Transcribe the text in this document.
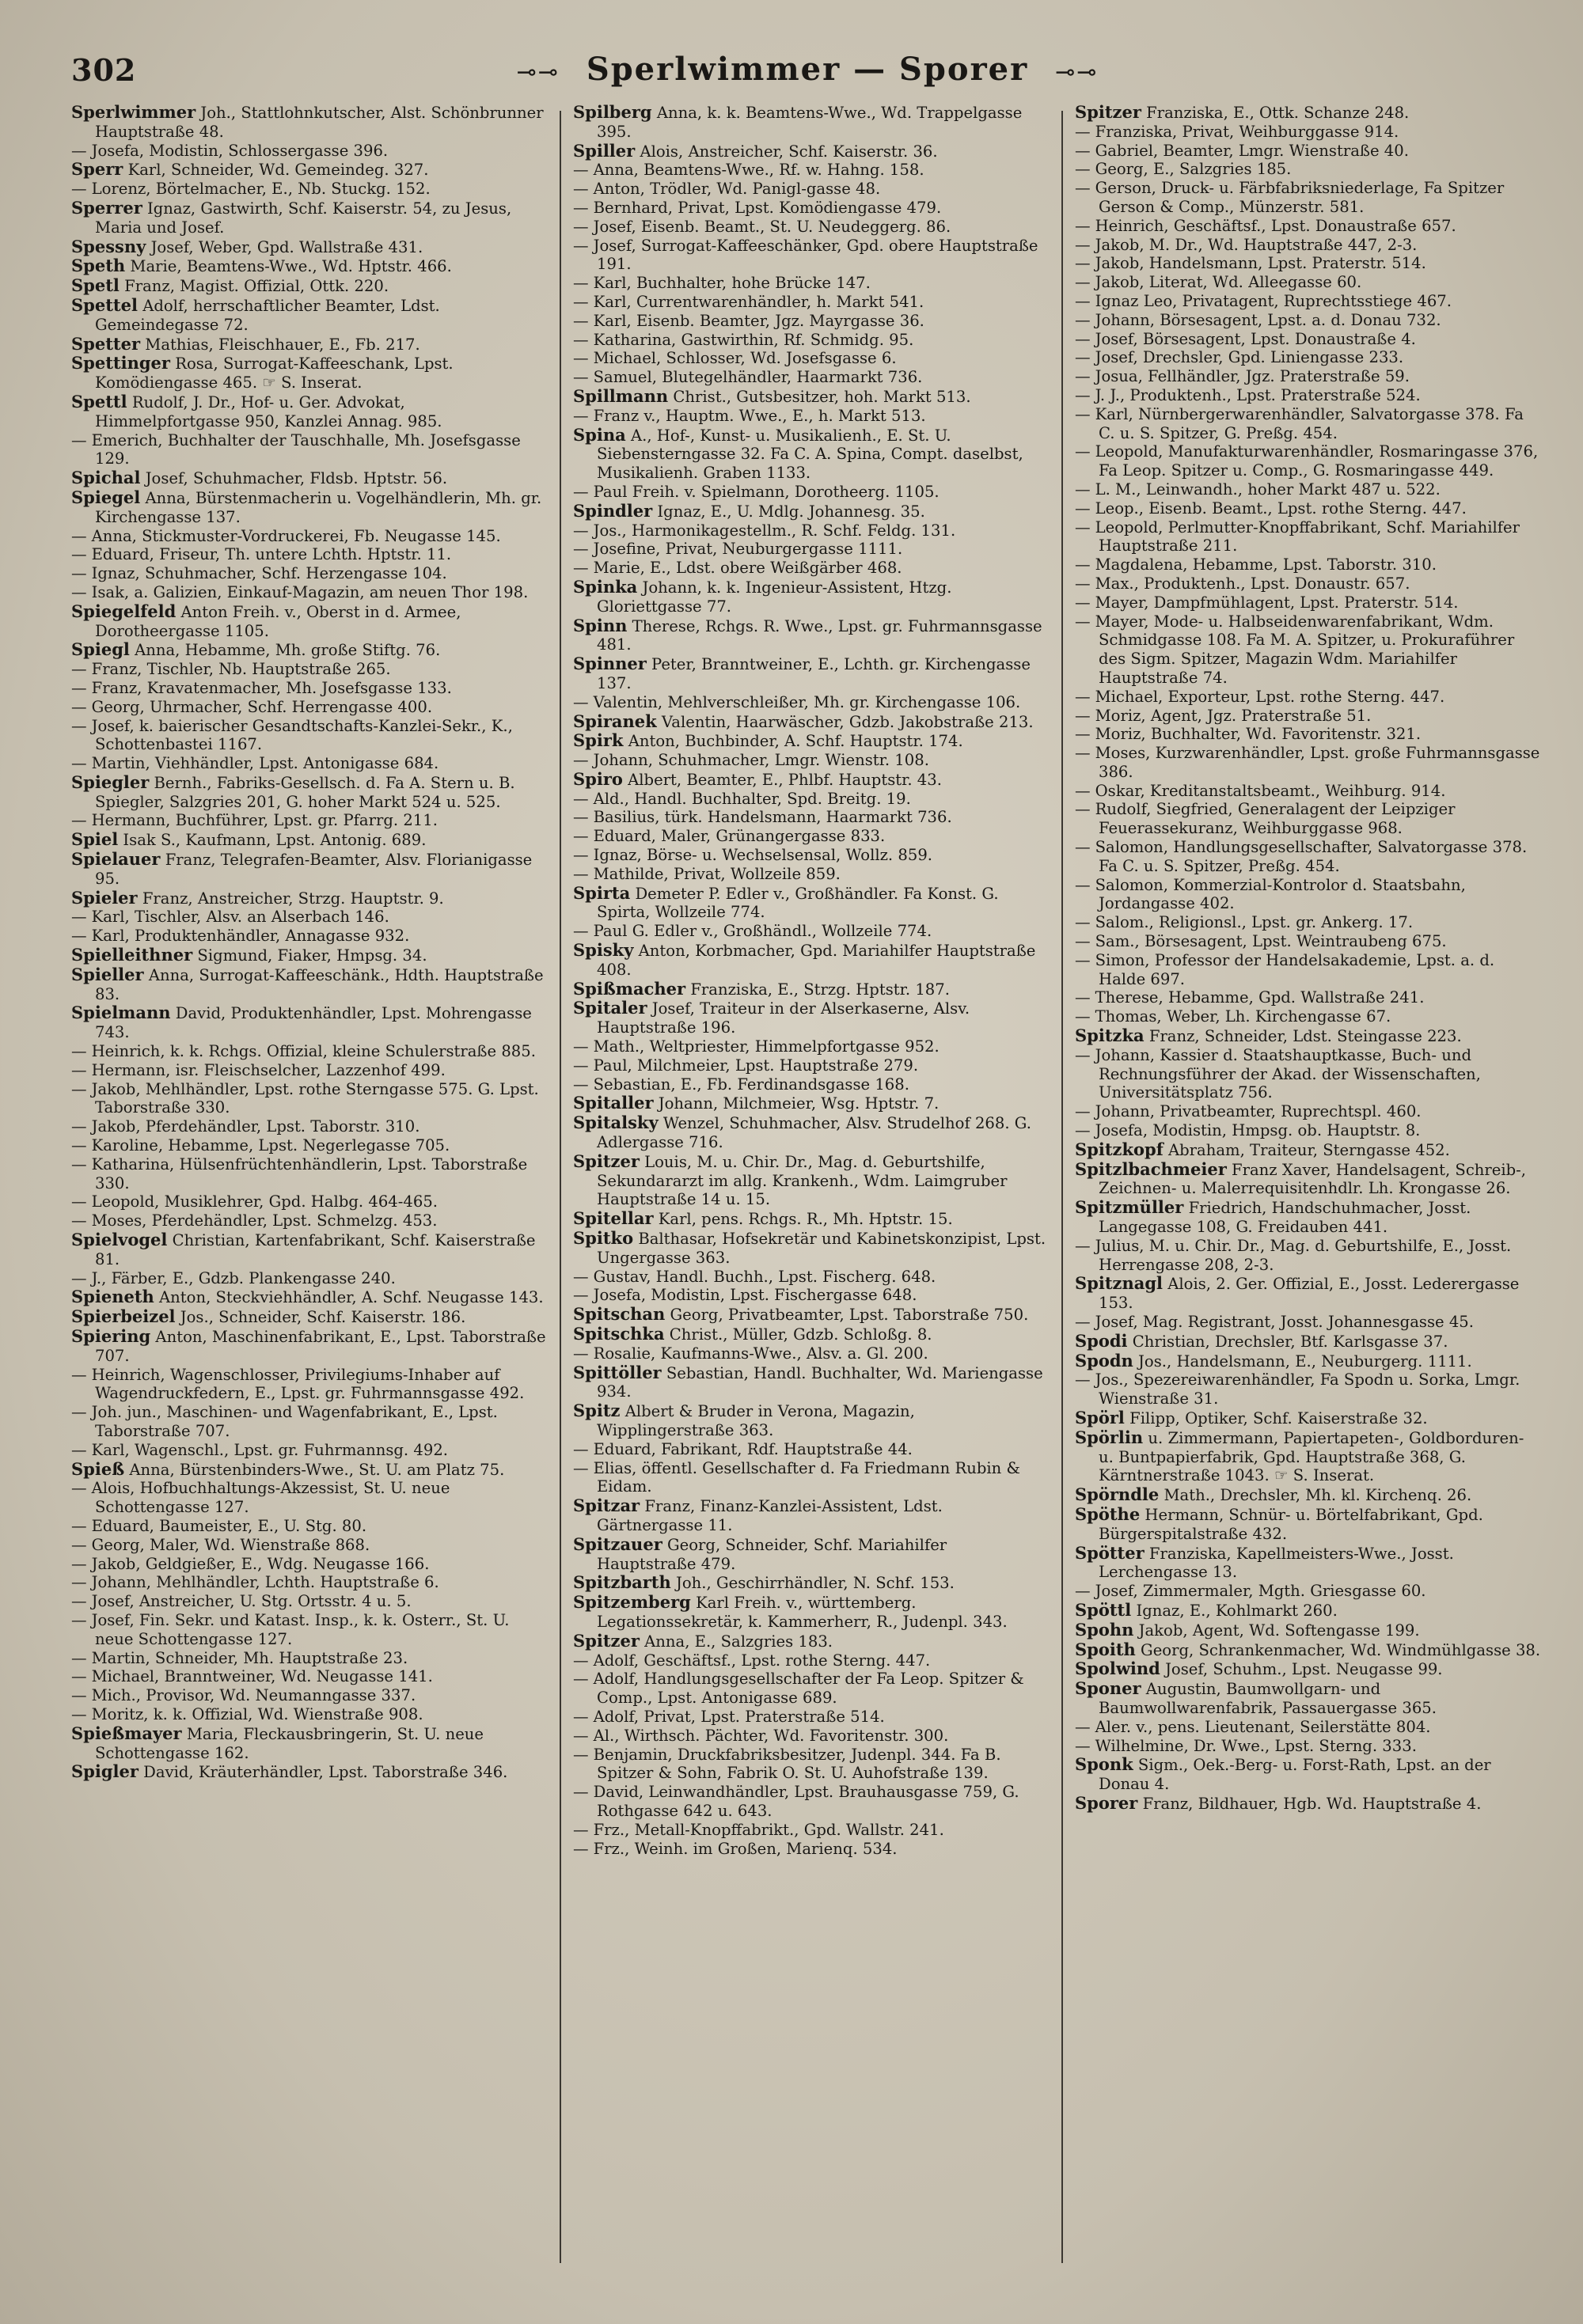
302	⊸⊸ Sperlwimmer — Sporer ⊸⊸
Sperlwimmer Joh., Stattlohnkutscher, Alst. Schönbrunner Hauptstraße 48.
— Josefa, Modistin, Schlossergasse 396.
Sperr Karl, Schneider, Wd. Gemeindeg. 327.
— Lorenz, Börtelmacher, E., Nb. Stuckg. 152.
Sperrer Ignaz, Gastwirth, Schf. Kaiserstr. 54, zu Jesus, Maria und Josef.
Spessny Josef, Weber, Gpd. Wallstraße 431.
Speth Marie, Beamtens-Wwe., Wd. Hptstr. 466.
Spetl Franz, Magist. Offizial, Ottk. 220.
Spettel Adolf, herrschaftlicher Beamter, Ldst. Gemeindegasse 72.
Spetter Mathias, Fleischhauer, E., Fb. 217.
Spettinger Rosa, Surrogat-Kaffeeschank, Lpst. Komödiengasse 465. ☞ S. Inserat.
Spettl Rudolf, J. Dr., Hof- u. Ger. Advokat, Himmelpfortgasse 950, Kanzlei Annag. 985.
— Emerich, Buchhalter der Tauschhalle, Mh. Josefsgasse 129.
Spichal Josef, Schuhmacher, Fldsb. Hptstr. 56.
Spiegel Anna, Bürstenmacherin u. Vogelhändlerin, Mh. gr. Kirchengasse 137.
— Anna, Stickmuster-Vordruckerei, Fb. Neugasse 145.
— Eduard, Friseur, Th. untere Lchth. Hptstr. 11.
— Ignaz, Schuhmacher, Schf. Herzengasse 104.
— Isak, a. Galizien, Einkauf-Magazin, am neuen Thor 198.
Spiegelfeld Anton Freih. v., Oberst in d. Armee, Dorotheergasse 1105.
Spiegl Anna, Hebamme, Mh. große Stiftg. 76.
— Franz, Tischler, Nb. Hauptstraße 265.
— Franz, Kravatenmacher, Mh. Josefsgasse 133.
— Georg, Uhrmacher, Schf. Herrengasse 400.
— Josef, k. baierischer Gesandtschafts-Kanzlei-Sekr., K., Schottenbastei 1167.
— Martin, Viehhändler, Lpst. Antonigasse 684.
Spiegler Bernh., Fabriks-Gesellsch. d. Fa A. Stern u. B. Spiegler, Salzgries 201, G. hoher Markt 524 u. 525.
— Hermann, Buchführer, Lpst. gr. Pfarrg. 211.
Spiel Isak S., Kaufmann, Lpst. Antonig. 689.
Spielauer Franz, Telegrafen-Beamter, Alsv. Florianigasse 95.
Spieler Franz, Anstreicher, Strzg. Hauptstr. 9.
— Karl, Tischler, Alsv. an Alserbach 146.
— Karl, Produktenhändler, Annagasse 932.
Spielleithner Sigmund, Fiaker, Hmpsg. 34.
Spieller Anna, Surrogat-Kaffeeschänk., Hdth. Hauptstraße 83.
Spielmann David, Produktenhändler, Lpst. Mohrengasse 743.
— Heinrich, k. k. Rchgs. Offizial, kleine Schulerstraße 885.
— Hermann, isr. Fleischselcher, Lazzenhof 499.
— Jakob, Mehlhändler, Lpst. rothe Sterngasse 575. G. Lpst. Taborstraße 330.
— Jakob, Pferdehändler, Lpst. Taborstr. 310.
— Karoline, Hebamme, Lpst. Negerlegasse 705.
— Katharina, Hülsenfrüchtenhändlerin, Lpst. Taborstraße 330.
— Leopold, Musiklehrer, Gpd. Halbg. 464-465.
— Moses, Pferdehändler, Lpst. Schmelzg. 453.
Spielvogel Christian, Kartenfabrikant, Schf. Kaiserstraße 81.
— J., Färber, E., Gdzb. Plankengasse 240.
Spieneth Anton, Steckviehhändler, A. Schf. Neugasse 143.
Spierbeizel Jos., Schneider, Schf. Kaiserstr. 186.
Spiering Anton, Maschinenfabrikant, E., Lpst. Taborstraße 707.
— Heinrich, Wagenschlosser, Privilegiums-Inhaber auf Wagendruckfedern, E., Lpst. gr. Fuhrmannsgasse 492.
— Joh. jun., Maschinen- und Wagenfabrikant, E., Lpst. Taborstraße 707.
— Karl, Wagenschl., Lpst. gr. Fuhrmannsg. 492.
Spieß Anna, Bürstenbinders-Wwe., St. U. am Platz 75.
— Alois, Hofbuchhaltungs-Akzessist, St. U. neue Schottengasse 127.
— Eduard, Baumeister, E., U. Stg. 80.
— Georg, Maler, Wd. Wienstraße 868.
— Jakob, Geldgießer, E., Wdg. Neugasse 166.
— Johann, Mehlhändler, Lchth. Hauptstraße 6.
— Josef, Anstreicher, U. Stg. Ortsstr. 4 u. 5.
— Josef, Fin. Sekr. und Katast. Insp., k. k. Osterr., St. U. neue Schottengasse 127.
— Martin, Schneider, Mh. Hauptstraße 23.
— Michael, Branntweiner, Wd. Neugasse 141.
— Mich., Provisor, Wd. Neumanngasse 337.
— Moritz, k. k. Offizial, Wd. Wienstraße 908.
Spießmayer Maria, Fleckausbringerin, St. U. neue Schottengasse 162.
Spigler David, Kräuterhändler, Lpst. Taborstraße 346.
Spilberg Anna, k. k. Beamtens-Wwe., Wd. Trappelgasse 395.
Spiller Alois, Anstreicher, Schf. Kaiserstr. 36.
— Anna, Beamtens-Wwe., Rf. w. Hahng. 158.
— Anton, Trödler, Wd. Panigl-gasse 48.
— Bernhard, Privat, Lpst. Komödiengasse 479.
— Josef, Eisenb. Beamt., St. U. Neudeggerg. 86.
— Josef, Surrogat-Kaffeeschänker, Gpd. obere Hauptstraße 191.
— Karl, Buchhalter, hohe Brücke 147.
— Karl, Currentwarenhändler, h. Markt 541.
— Karl, Eisenb. Beamter, Jgz. Mayrgasse 36.
— Katharina, Gastwirthin, Rf. Schmidg. 95.
— Michael, Schlosser, Wd. Josefsgasse 6.
— Samuel, Blutegelhändler, Haarmarkt 736.
Spillmann Christ., Gutsbesitzer, hoh. Markt 513.
— Franz v., Hauptm. Wwe., E., h. Markt 513.
Spina A., Hof-, Kunst- u. Musikalienh., E. St. U. Siebensterngasse 32. Fa C. A. Spina, Compt. daselbst, Musikalienh. Graben 1133.
— Paul Freih. v. Spielmann, Dorotheerg. 1105.
Spindler Ignaz, E., U. Mdlg. Johannesg. 35.
— Jos., Harmonikagestellm., R. Schf. Feldg. 131.
— Josefine, Privat, Neuburgergasse 1111.
— Marie, E., Ldst. obere Weißgärber 468.
Spinka Johann, k. k. Ingenieur-Assistent, Htzg. Gloriettgasse 77.
Spinn Therese, Rchgs. R. Wwe., Lpst. gr. Fuhrmannsgasse 481.
Spinner Peter, Branntweiner, E., Lchth. gr. Kirchengasse 137.
— Valentin, Mehlverschleißer, Mh. gr. Kirchengasse 106.
Spiranek Valentin, Haarwäscher, Gdzb. Jakobstraße 213.
Spirk Anton, Buchbinder, A. Schf. Hauptstr. 174.
— Johann, Schuhmacher, Lmgr. Wienstr. 108.
Spiro Albert, Beamter, E., Phlbf. Hauptstr. 43.
— Ald., Handl. Buchhalter, Spd. Breitg. 19.
— Basilius, türk. Handelsmann, Haarmarkt 736.
— Eduard, Maler, Grünangergasse 833.
— Ignaz, Börse- u. Wechselsensal, Wollz. 859.
— Mathilde, Privat, Wollzeile 859.
Spirta Demeter P. Edler v., Großhändler. Fa Konst. G. Spirta, Wollzeile 774.
— Paul G. Edler v., Großhändl., Wollzeile 774.
Spisky Anton, Korbmacher, Gpd. Mariahilfer Hauptstraße 408.
Spißmacher Franziska, E., Strzg. Hptstr. 187.
Spitaler Josef, Traiteur in der Alserkaserne, Alsv. Hauptstraße 196.
— Math., Weltpriester, Himmelpfortgasse 952.
— Paul, Milchmeier, Lpst. Hauptstraße 279.
— Sebastian, E., Fb. Ferdinandsgasse 168.
Spitaller Johann, Milchmeier, Wsg. Hptstr. 7.
Spitalsky Wenzel, Schuhmacher, Alsv. Strudelhof 268. G. Adlergasse 716.
Spitzer Louis, M. u. Chir. Dr., Mag. d. Geburtshilfe, Sekundararzt im allg. Krankenh., Wdm. Laimgruber Hauptstraße 14 u. 15.
Spitellar Karl, pens. Rchgs. R., Mh. Hptstr. 15.
Spitko Balthasar, Hofsekretär und Kabinetskonzipist, Lpst. Ungergasse 363.
— Gustav, Handl. Buchh., Lpst. Fischerg. 648.
— Josefa, Modistin, Lpst. Fischergasse 648.
Spitschan Georg, Privatbeamter, Lpst. Taborstraße 750.
Spitschka Christ., Müller, Gdzb. Schloßg. 8.
— Rosalie, Kaufmanns-Wwe., Alsv. a. Gl. 200.
Spittöller Sebastian, Handl. Buchhalter, Wd. Mariengasse 934.
Spitz Albert & Bruder in Verona, Magazin, Wipplingerstraße 363.
— Eduard, Fabrikant, Rdf. Hauptstraße 44.
— Elias, öffentl. Gesellschafter d. Fa Friedmann Rubin & Eidam.
Spitzar Franz, Finanz-Kanzlei-Assistent, Ldst. Gärtnergasse 11.
Spitzauer Georg, Schneider, Schf. Mariahilfer Hauptstraße 479.
Spitzbarth Joh., Geschirrhändler, N. Schf. 153.
Spitzemberg Karl Freih. v., württemberg. Legationssekretär, k. Kammerherr, R., Judenpl. 343.
Spitzer Anna, E., Salzgries 183.
— Adolf, Geschäftsf., Lpst. rothe Sterng. 447.
— Adolf, Handlungsgesellschafter der Fa Leop. Spitzer & Comp., Lpst. Antonigasse 689.
— Adolf, Privat, Lpst. Praterstraße 514.
— Al., Wirthsch. Pächter, Wd. Favoritenstr. 300.
— Benjamin, Druckfabriksbesitzer, Judenpl. 344. Fa B. Spitzer & Sohn, Fabrik O. St. U. Auhofstraße 139.
— David, Leinwandhändler, Lpst. Brauhausgasse 759, G. Rothgasse 642 u. 643.
— Frz., Metall-Knopffabrikt., Gpd. Wallstr. 241.
— Frz., Weinh. im Großen, Marienq. 534.
Spitzer Franziska, E., Ottk. Schanze 248.
— Franziska, Privat, Weihburggasse 914.
— Gabriel, Beamter, Lmgr. Wienstraße 40.
— Georg, E., Salzgries 185.
— Gerson, Druck- u. Färbfabriksniederlage, Fa Spitzer Gerson & Comp., Münzerstr. 581.
— Heinrich, Geschäftsf., Lpst. Donaustraße 657.
— Jakob, M. Dr., Wd. Hauptstraße 447, 2-3.
— Jakob, Handelsmann, Lpst. Praterstr. 514.
— Jakob, Literat, Wd. Alleegasse 60.
— Ignaz Leo, Privatagent, Ruprechtsstiege 467.
— Johann, Börsesagent, Lpst. a. d. Donau 732.
— Josef, Börsesagent, Lpst. Donaustraße 4.
— Josef, Drechsler, Gpd. Liniengasse 233.
— Josua, Fellhändler, Jgz. Praterstraße 59.
— J. J., Produktenh., Lpst. Praterstraße 524.
— Karl, Nürnbergerwarenhändler, Salvatorgasse 378. Fa C. u. S. Spitzer, G. Preßg. 454.
— Leopold, Manufakturwarenhändler, Rosmaringasse 376, Fa Leop. Spitzer u. Comp., G. Rosmaringasse 449.
— L. M., Leinwandh., hoher Markt 487 u. 522.
— Leop., Eisenb. Beamt., Lpst. rothe Sterng. 447.
— Leopold, Perlmutter-Knopffabrikant, Schf. Mariahilfer Hauptstraße 211.
— Magdalena, Hebamme, Lpst. Taborstr. 310.
— Max., Produktenh., Lpst. Donaustr. 657.
— Mayer, Dampfmühlagent, Lpst. Praterstr. 514.
— Mayer, Mode- u. Halbseidenwarenfabrikant, Wdm. Schmidgasse 108. Fa M. A. Spitzer, u. Prokuraführer des Sigm. Spitzer, Magazin Wdm. Mariahilfer Hauptstraße 74.
— Michael, Exporteur, Lpst. rothe Sterng. 447.
— Moriz, Agent, Jgz. Praterstraße 51.
— Moriz, Buchhalter, Wd. Favoritenstr. 321.
— Moses, Kurzwarenhändler, Lpst. große Fuhrmannsgasse 386.
— Oskar, Kreditanstaltsbeamt., Weihburg. 914.
— Rudolf, Siegfried, Generalagent der Leipziger Feuerassekuranz, Weihburggasse 968.
— Salomon, Handlungsgesellschafter, Salvatorgasse 378. Fa C. u. S. Spitzer, Preßg. 454.
— Salomon, Kommerzial-Kontrolor d. Staatsbahn, Jordangasse 402.
— Salom., Religionsl., Lpst. gr. Ankerg. 17.
— Sam., Börsesagent, Lpst. Weintraubeng 675.
— Simon, Professor der Handelsakademie, Lpst. a. d. Halde 697.
— Therese, Hebamme, Gpd. Wallstraße 241.
— Thomas, Weber, Lh. Kirchengasse 67.
Spitzka Franz, Schneider, Ldst. Steingasse 223.
— Johann, Kassier d. Staatshauptkasse, Buch- und Rechnungsführer der Akad. der Wissenschaften, Universitätsplatz 756.
— Johann, Privatbeamter, Ruprechtspl. 460.
— Josefa, Modistin, Hmpsg. ob. Hauptstr. 8.
Spitzkopf Abraham, Traiteur, Sterngasse 452.
Spitzlbachmeier Franz Xaver, Handelsagent, Schreib-, Zeichnen- u. Malerrequisitenhdlr. Lh. Krongasse 26.
Spitzmüller Friedrich, Handschuhmacher, Josst. Langegasse 108, G. Freidauben 441.
— Julius, M. u. Chir. Dr., Mag. d. Geburtshilfe, E., Josst. Herrengasse 208, 2-3.
Spitznagl Alois, 2. Ger. Offizial, E., Josst. Lederergasse 153.
— Josef, Mag. Registrant, Josst. Johannesgasse 45.
Spodi Christian, Drechsler, Btf. Karlsgasse 37.
Spodn Jos., Handelsmann, E., Neuburgerg. 1111.
— Jos., Spezereiwarenhändler, Fa Spodn u. Sorka, Lmgr. Wienstraße 31.
Spörl Filipp, Optiker, Schf. Kaiserstraße 32.
Spörlin u. Zimmermann, Papiertapeten-, Goldborduren- u. Buntpapierfabrik, Gpd. Hauptstraße 368, G. Kärntnerstraße 1043. ☞ S. Inserat.
Spörndle Math., Drechsler, Mh. kl. Kirchenq. 26.
Spöthe Hermann, Schnür- u. Börtelfabrikant, Gpd. Bürgerspitalstraße 432.
Spötter Franziska, Kapellmeisters-Wwe., Josst. Lerchengasse 13.
— Josef, Zimmermaler, Mgth. Griesgasse 60.
Spöttl Ignaz, E., Kohlmarkt 260.
Spohn Jakob, Agent, Wd. Softengasse 199.
Spoith Georg, Schrankenmacher, Wd. Windmühlgasse 38.
Spolwind Josef, Schuhm., Lpst. Neugasse 99.
Sponer Augustin, Baumwollgarn- und Baumwollwarenfabrik, Passauergasse 365.
— Aler. v., pens. Lieutenant, Seilerstätte 804.
— Wilhelmine, Dr. Wwe., Lpst. Sterng. 333.
Sponk Sigm., Oek.-Berg- u. Forst-Rath, Lpst. an der Donau 4.
Sporer Franz, Bildhauer, Hgb. Wd. Hauptstraße 4.
